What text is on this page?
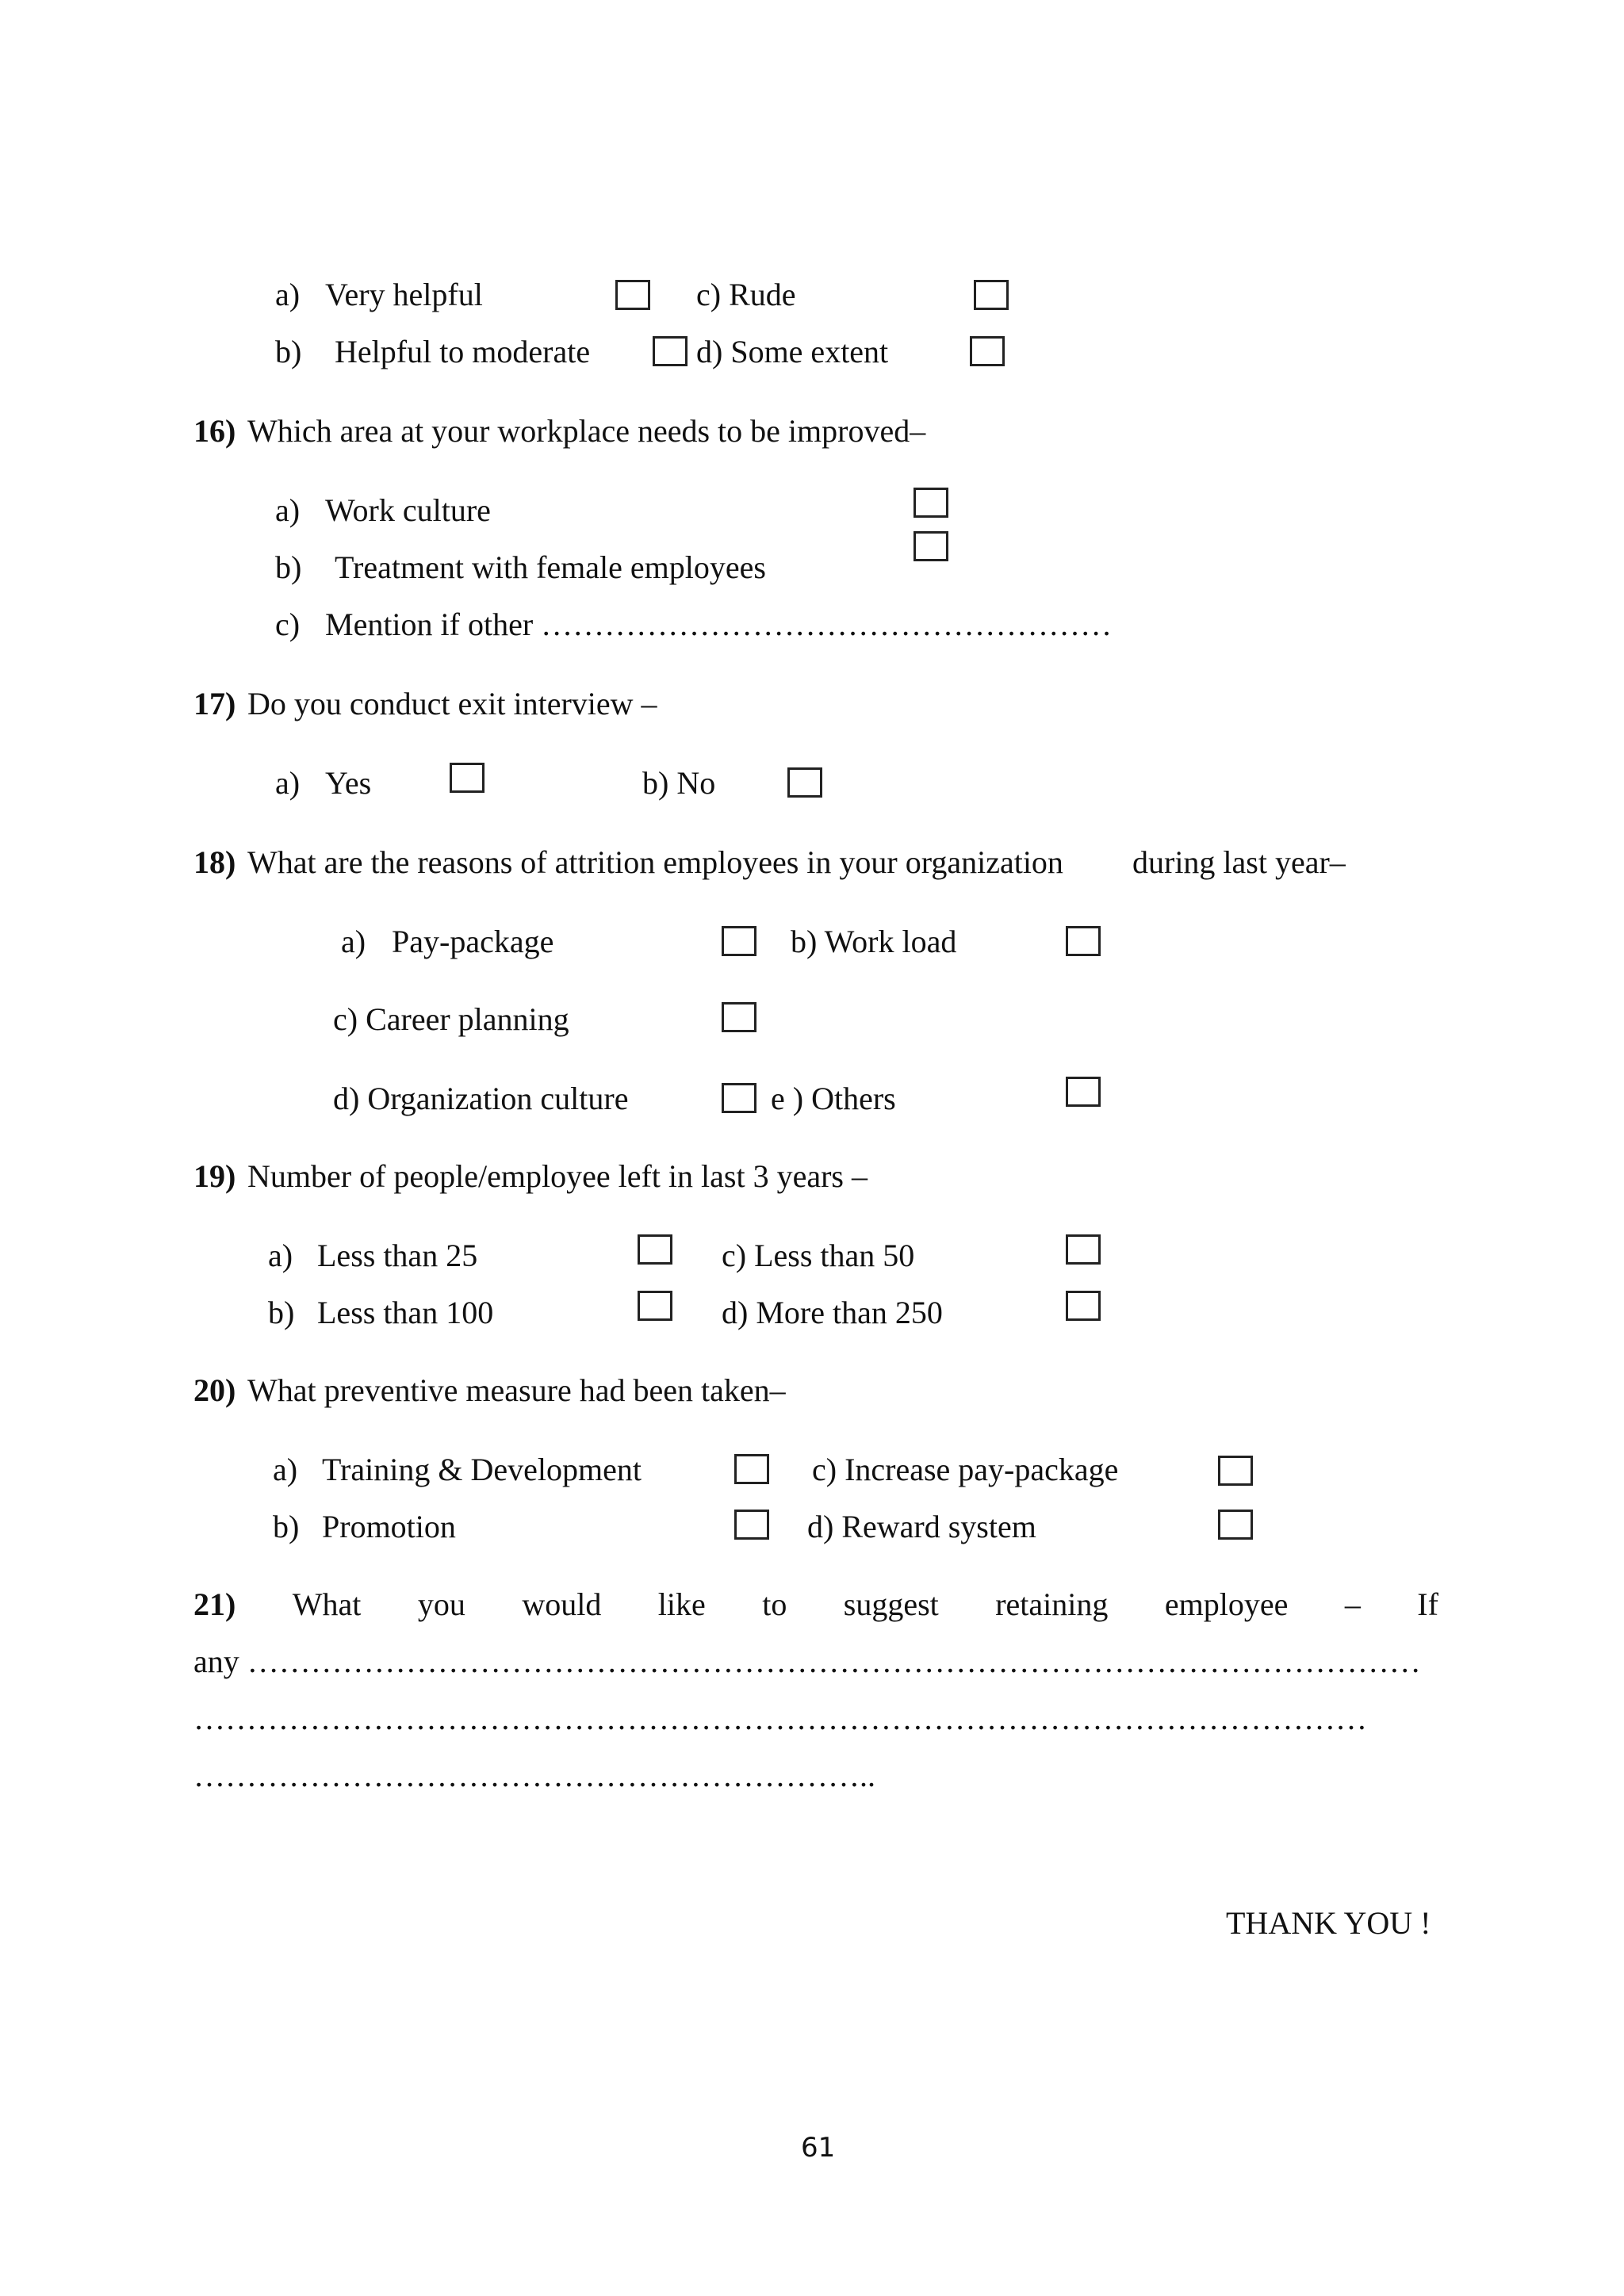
a) Very helpful	c) Rude
b) Helpful to moderate	d) Some extent
16) Which area at your workplace needs to be improved–
a) Work culture
b) Treatment with female employees
c) Mention if other ………………………………………………
17) Do you conduct exit interview –
a) Yes	b) No
18) What are the reasons of attrition employees in your organization during last year–
a) Pay-package	b) Work load
c) Career planning
d) Organization culture	e ) Others
19) Number of people/employee left in last 3 years –
a) Less than 25	c) Less than 50
b) Less than 100	d) More than 250
20) What preventive measure had been taken–
a) Training & Development	c) Increase pay-package
b) Promotion	d) Reward system
21) What you would like to suggest retaining employee – If
any …………………………………………………………………………………………………
…………………………………………………………………………………………………
………………………………………………………..
THANK YOU !
61
